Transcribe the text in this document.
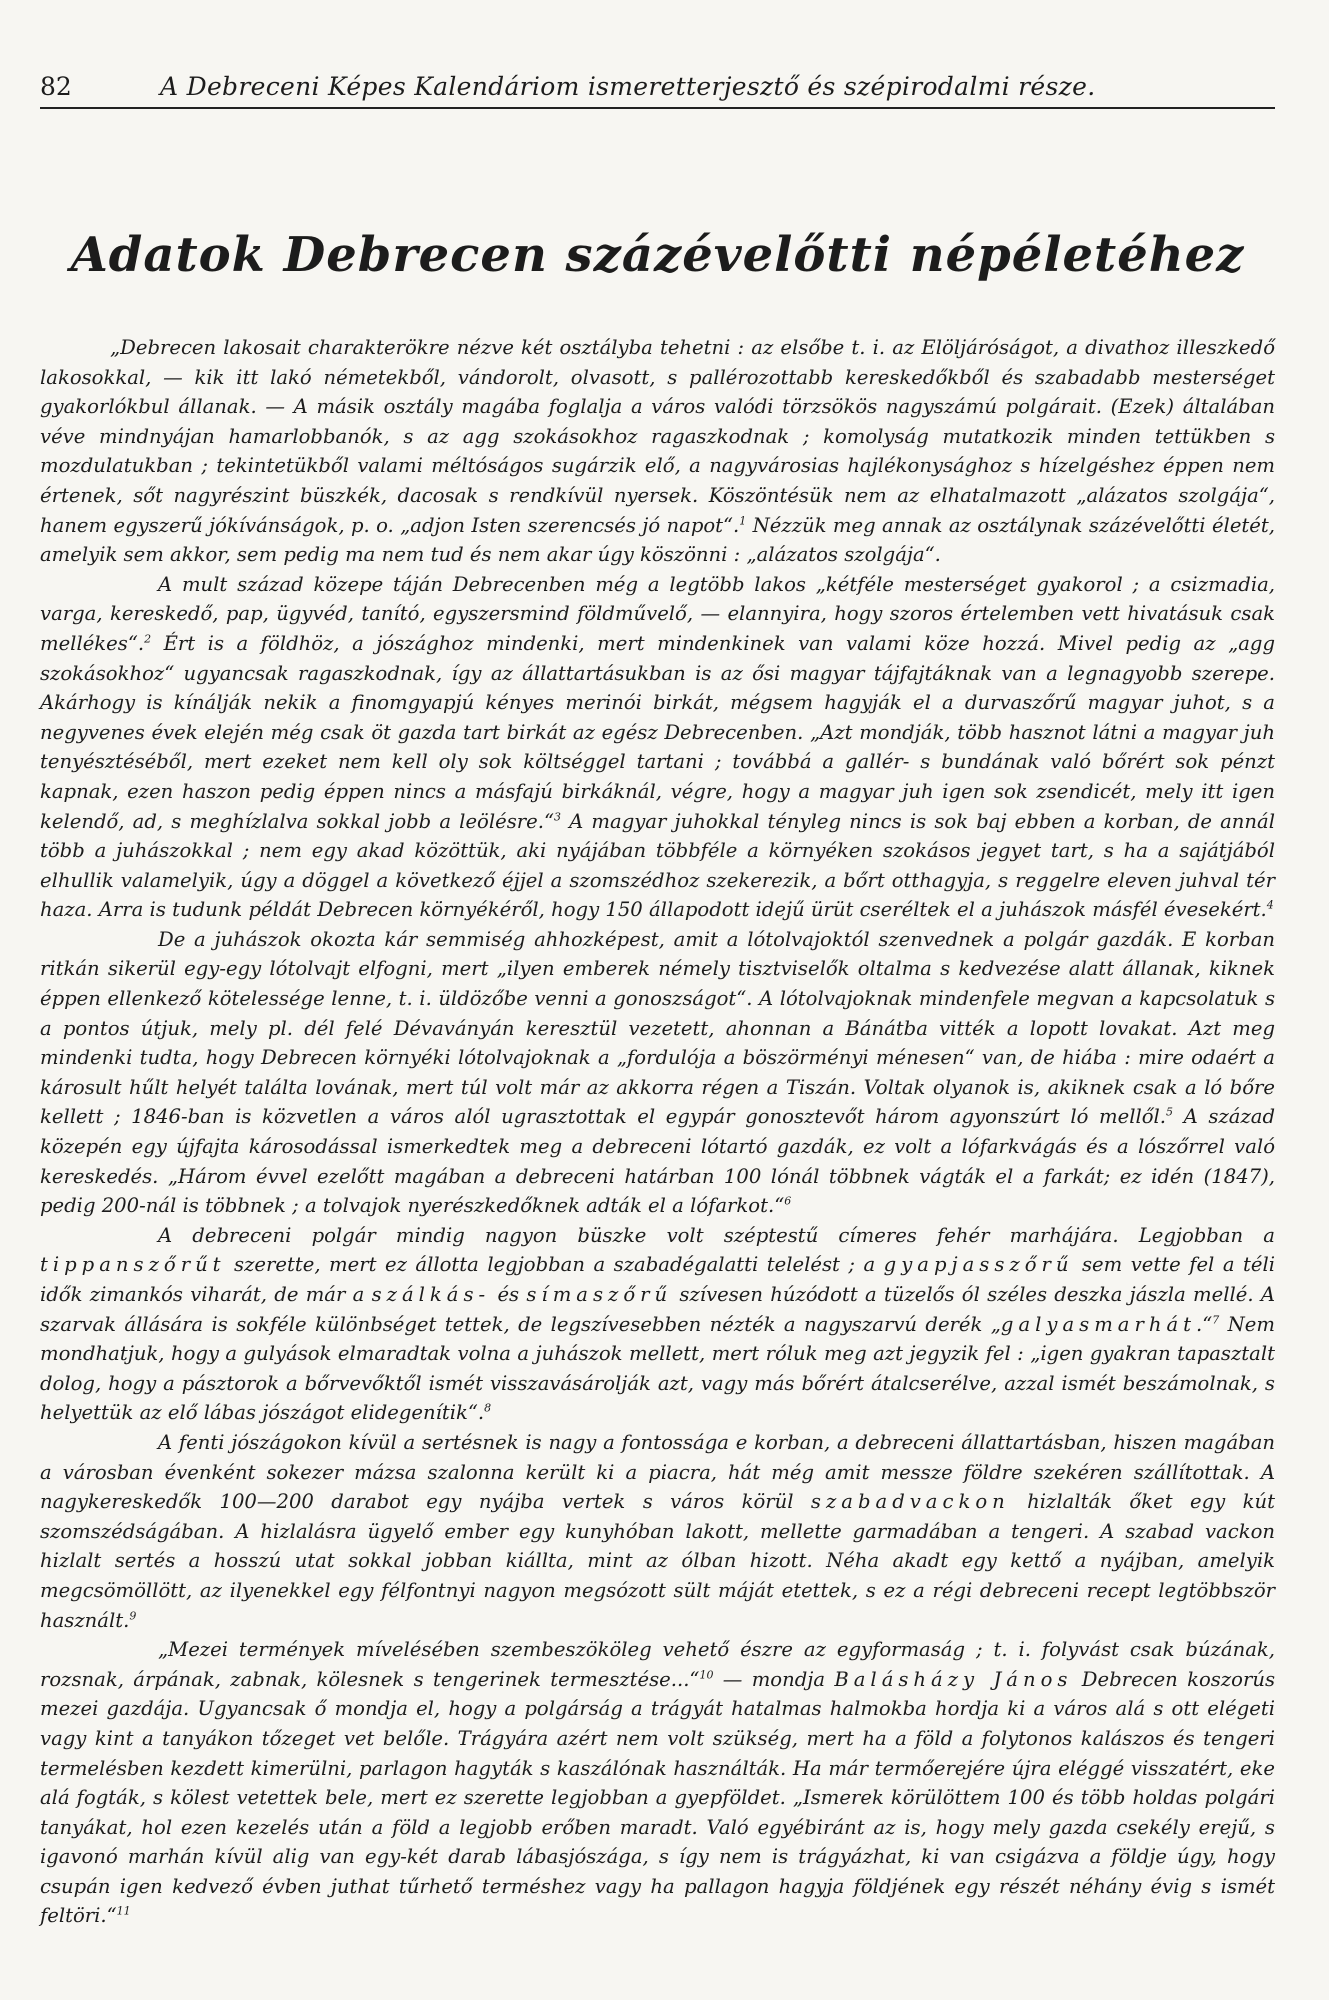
82	A Debreceni Képes Kalendáriom ismeretterjesztő és szépirodalmi része.
Adatok Debrecen százévelőtti népéletéhez

„Debrecen lakosait charakterökre nézve két osztályba tehetni : az elsőbe t. i. az Elöljáróságot, a divathoz illeszkedő lakosokkal, — kik itt lakó németekből, vándorolt, olvasott, s pallérozottabb kereskedőkből és szabadabb mesterséget gyakorlókbul állanak. — A másik osztály magába foglalja a város valódi törzsökös nagyszámú polgárait. (Ezek) általában véve mindnyájan hamarlobbanók, s az agg szokásokhoz ragaszkodnak ; komolyság mutatkozik minden tettükben s mozdulatukban ; tekintetükből valami méltóságos sugárzik elő, a nagyvárosias hajlékonysághoz s hízelgéshez éppen nem értenek, sőt nagyrészint büszkék, dacosak s rendkívül nyersek. Köszöntésük nem az elhatalmazott „alázatos szolgája“, hanem egyszerű jókívánságok, p. o. „adjon Isten szerencsés jó napot“.$^1$ Nézzük meg annak az osztálynak százévelőtti életét, amelyik sem akkor, sem pedig ma nem tud és nem akar úgy köszönni : „alázatos szolgája“.

A mult század közepe táján Debrecenben még a legtöbb lakos „kétféle mesterséget gyakorol ; a csizmadia, varga, kereskedő, pap, ügyvéd, tanító, egyszersmind földművelő, — elannyira, hogy szoros értelemben vett hivatásuk csak mellékes“.$^2$ Ért is a földhöz, a jószághoz mindenki, mert mindenkinek van valami köze hozzá. Mivel pedig az „agg szokásokhoz“ ugyancsak ragaszkodnak, így az állattartásukban is az ősi magyar tájfajtáknak van a legnagyobb szerepe. Akárhogy is kínálják nekik a finomgyapjú kényes merinói birkát, mégsem hagyják el a durvaszőrű magyar juhot, s a negyvenes évek elején még csak öt gazda tart birkát az egész Debrecenben. „Azt mondják, több hasznot látni a magyar juh tenyésztéséből, mert ezeket nem kell oly sok költséggel tartani ; továbbá a gallér- s bundának való bőrért sok pénzt kapnak, ezen haszon pedig éppen nincs a másfajú birkáknál, végre, hogy a magyar juh igen sok zsendicét, mely itt igen kelendő, ad, s meghízlalva sokkal jobb a leölésre.“$^3$ A magyar juhokkal tényleg nincs is sok baj ebben a korban, de annál több a juhászokkal ; nem egy akad közöttük, aki nyájában többféle a környéken szokásos jegyet tart, s ha a sajátjából elhullik valamelyik, úgy a döggel a következő éjjel a szomszédhoz szekerezik, a bőrt otthagyja, s reggelre eleven juhval tér haza. Arra is tudunk példát Debrecen környékéről, hogy 150 állapodott idejű ürüt cseréltek el a juhászok másfél évesekért.$^4$

De a juhászok okozta kár semmiség ahhozképest, amit a lótolvajoktól szenvednek a polgár gazdák. E korban ritkán sikerül egy-egy lótolvajt elfogni, mert „ilyen emberek némely tisztviselők oltalma s kedvezése alatt állanak, kiknek éppen ellenkező kötelessége lenne, t. i. üldözőbe venni a gonoszságot“. A lótolvajoknak mindenfele megvan a kapcsolatuk s a pontos útjuk, mely pl. dél felé Dévaványán keresztül vezetett, ahonnan a Bánátba vitték a lopott lovakat. Azt meg mindenki tudta, hogy Debrecen környéki lótolvajoknak a „fordulója a böszörményi ménesen“ van, de hiába : mire odaért a károsult hűlt helyét találta lovának, mert túl volt már az akkorra régen a Tiszán. Voltak olyanok is, akiknek csak a ló bőre kellett ; 1846-ban is közvetlen a város alól ugrasztottak el egypár gonosztevőt három agyonszúrt ló mellől.$^5$ A század közepén egy újfajta károsodással ismerkedtek meg a debreceni lótartó gazdák, ez volt a lófarkvágás és a lószőrrel való kereskedés. „Három évvel ezelőtt magában a debreceni határban 100 lónál többnek vágták el a farkát; ez idén (1847), pedig 200-nál is többnek ; a tolvajok nyerészkedőknek adták el a lófarkot.“$^6$

A debreceni polgár mindig nagyon büszke volt széptestű címeres fehér marhájára. Legjobban a tippanszőrűt szerette, mert ez állotta legjobban a szabadégalatti telelést ; a gyapjasszőrű sem vette fel a téli idők zimankós viharát, de már a szálkás- és símaszőrű szívesen húzódott a tüzelős ól széles deszka jászla mellé. A szarvak állására is sokféle különbséget tettek, de legszívesebben nézték a nagyszarvú derék „galyasmarhát.“$^7$ Nem mondhatjuk, hogy a gulyások elmaradtak volna a juhászok mellett, mert róluk meg azt jegyzik fel : „igen gyakran tapasztalt dolog, hogy a pásztorok a bőrvevőktől ismét visszavásárolják azt, vagy más bőrért átalcserélve, azzal ismét beszámolnak, s helyettük az elő lábas jószágot elidegenítik“.$^8$

A fenti jószágokon kívül a sertésnek is nagy a fontossága e korban, a debreceni állattartásban, hiszen magában a városban évenként sokezer mázsa szalonna került ki a piacra, hát még amit messze földre szekéren szállítottak. A nagykereskedők 100—200 darabot egy nyájba vertek s város körül szabadvackon hizlalták őket egy kút szomszédságában. A hizlalásra ügyelő ember egy kunyhóban lakott, mellette garmadában a tengeri. A szabad vackon hizlalt sertés a hosszú utat sokkal jobban kiállta, mint az ólban hizott. Néha akadt egy kettő a nyájban, amelyik megcsömöllött, az ilyenekkel egy félfontnyi nagyon megsózott sült máját etettek, s ez a régi debreceni recept legtöbbször használt.$^9$

„Mezei termények mívelésében szembeszököleg vehető észre az egyformaság ; t. i. folyvást csak búzának, rozsnak, árpának, zabnak, kölesnek s tengerinek termesztése...“$^{10}$ — mondja Balásházy János Debrecen koszorús mezei gazdája. Ugyancsak ő mondja el, hogy a polgárság a trágyát hatalmas halmokba hordja ki a város alá s ott elégeti vagy kint a tanyákon tőzeget vet belőle. Trágyára azért nem volt szükség, mert ha a föld a folytonos kalászos és tengeri termelésben kezdett kimerülni, parlagon hagyták s kaszálónak használták. Ha már termőerejére újra eléggé visszatért, eke alá fogták, s kölest vetettek bele, mert ez szerette legjobban a gyepföldet. „Ismerek körülöttem 100 és több holdas polgári tanyákat, hol ezen kezelés után a föld a legjobb erőben maradt. Való egyébiránt az is, hogy mely gazda csekély erejű, s igavonó marhán kívül alig van egy-két darab lábasjószága, s így nem is trágyázhat, ki van csigázva a földje úgy, hogy csupán igen kedvező évben juthat tűrhető terméshez vagy ha pallagon hagyja földjének egy részét néhány évig s ismét feltöri.“$^{11}$
